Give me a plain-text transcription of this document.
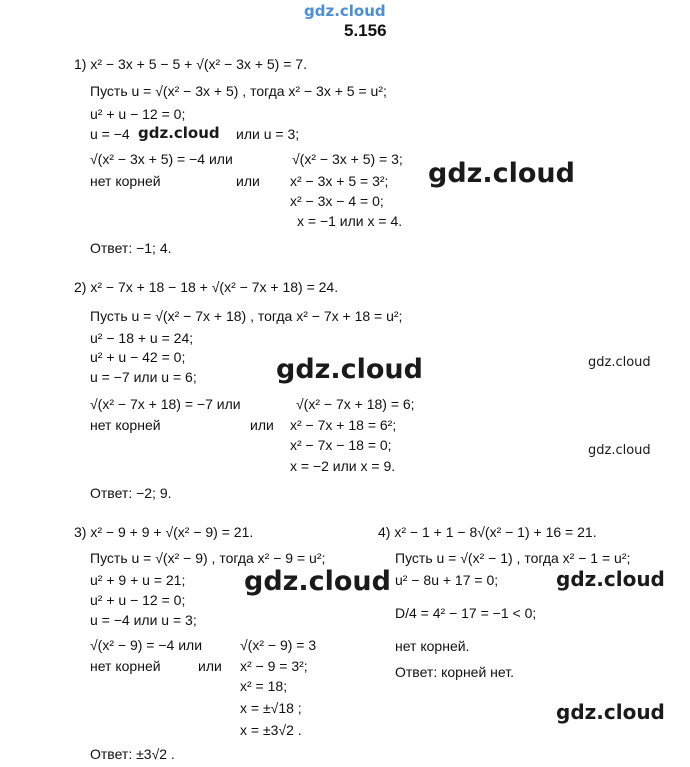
gdz.cloud
5.156
1) x² − 3x + 5 − 5 + √(x² − 3x + 5) = 7.
Пусть u = √(x² − 3x + 5) , тогда x² − 3x + 5 = u²;
u² + u − 12 = 0;
u = −4 gdz.cloud или u = 3;
√(x² − 3x + 5) = −4 или	√(x² − 3x + 5) = 3;
нет корней	или x² − 3x + 5 = 3²;
x² − 3x − 4 = 0;
x = −1 или x = 4.
Ответ: −1; 4.
gdz.cloud
2) x² − 7x + 18 − 18 + √(x² − 7x + 18) = 24.
Пусть u = √(x² − 7x + 18) , тогда x² − 7x + 18 = u²;
u² − 18 + u = 24;
u² + u − 42 = 0;
u = −7 или u = 6;
√(x² − 7x + 18) = −7 или	√(x² − 7x + 18) = 6;
нет корней	или x² − 7x + 18 = 6²;
x² − 7x − 18 = 0;
x = −2 или x = 9.
Ответ: −2; 9.
gdz.cloud	gdz.cloud
gdz.cloud
3) x² − 9 + 9 + √(x² − 9) = 21.
Пусть u = √(x² − 9) , тогда x² − 9 = u²;
u² + 9 + u = 21;
u² + u − 12 = 0;
u = −4 или u = 3;
√(x² − 9) = −4 или	√(x² − 9) = 3
нет корней	или x² − 9 = 3²;
x² = 18;
x = ±√18 ;
x = ±3√2 .
Ответ: ±3√2 .
gdz.cloud
4) x² − 1 + 1 − 8√(x² − 1) + 16 = 21.
Пусть u = √(x² − 1) , тогда x² − 1 = u²;
u² − 8u + 17 = 0;
D/4 = 4² − 17 = −1 < 0;
нет корней.
Ответ: корней нет.
gdz.cloud
gdz.cloud
